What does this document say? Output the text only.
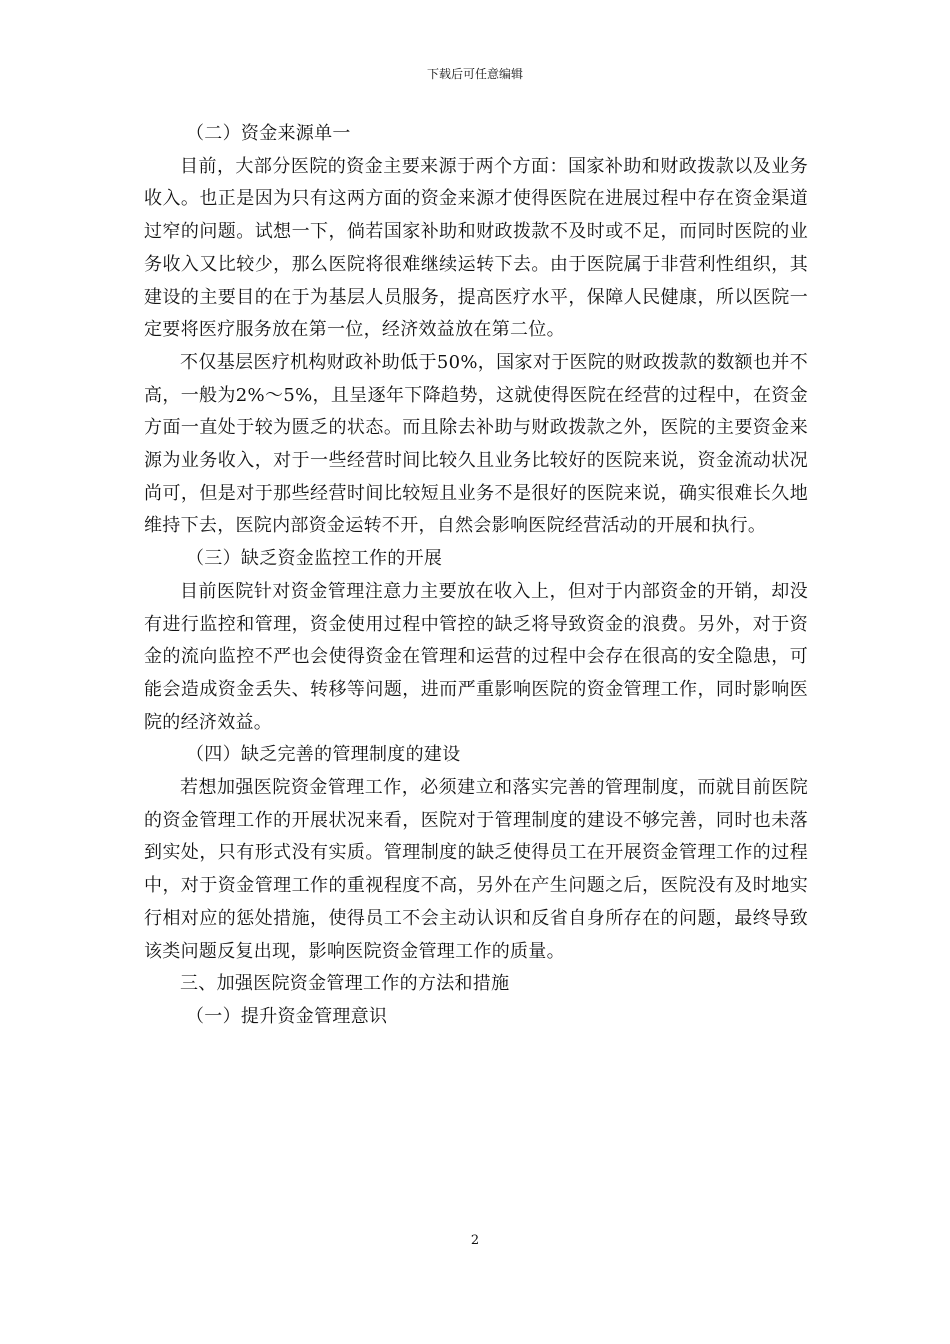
下载后可任意编辑

（二）资金来源单一

目前，大部分医院的资金主要来源于两个方面：国家补助和财政拨款以及业务收入。也正是因为只有这两方面的资金来源才使得医院在进展过程中存在资金渠道过窄的问题。试想一下，倘若国家补助和财政拨款不及时或不足，而同时医院的业务收入又比较少，那么医院将很难继续运转下去。由于医院属于非营利性组织，其建设的主要目的在于为基层人员服务，提高医疗水平，保障人民健康，所以医院一定要将医疗服务放在第一位，经济效益放在第二位。

不仅基层医疗机构财政补助低于50%，国家对于医院的财政拨款的数额也并不高，一般为2%～5%，且呈逐年下降趋势，这就使得医院在经营的过程中，在资金方面一直处于较为匮乏的状态。而且除去补助与财政拨款之外，医院的主要资金来源为业务收入，对于一些经营时间比较久且业务比较好的医院来说，资金流动状况尚可，但是对于那些经营时间比较短且业务不是很好的医院来说，确实很难长久地维持下去，医院内部资金运转不开，自然会影响医院经营活动的开展和执行。

（三）缺乏资金监控工作的开展

目前医院针对资金管理注意力主要放在收入上，但对于内部资金的开销，却没有进行监控和管理，资金使用过程中管控的缺乏将导致资金的浪费。另外，对于资金的流向监控不严也会使得资金在管理和运营的过程中会存在很高的安全隐患，可能会造成资金丢失、转移等问题，进而严重影响医院的资金管理工作，同时影响医院的经济效益。

（四）缺乏完善的管理制度的建设

若想加强医院资金管理工作，必须建立和落实完善的管理制度，而就目前医院的资金管理工作的开展状况来看，医院对于管理制度的建设不够完善，同时也未落到实处，只有形式没有实质。管理制度的缺乏使得员工在开展资金管理工作的过程中，对于资金管理工作的重视程度不高，另外在产生问题之后，医院没有及时地实行相对应的惩处措施，使得员工不会主动认识和反省自身所存在的问题，最终导致该类问题反复出现，影响医院资金管理工作的质量。

三、加强医院资金管理工作的方法和措施

（一）提升资金管理意识

2
